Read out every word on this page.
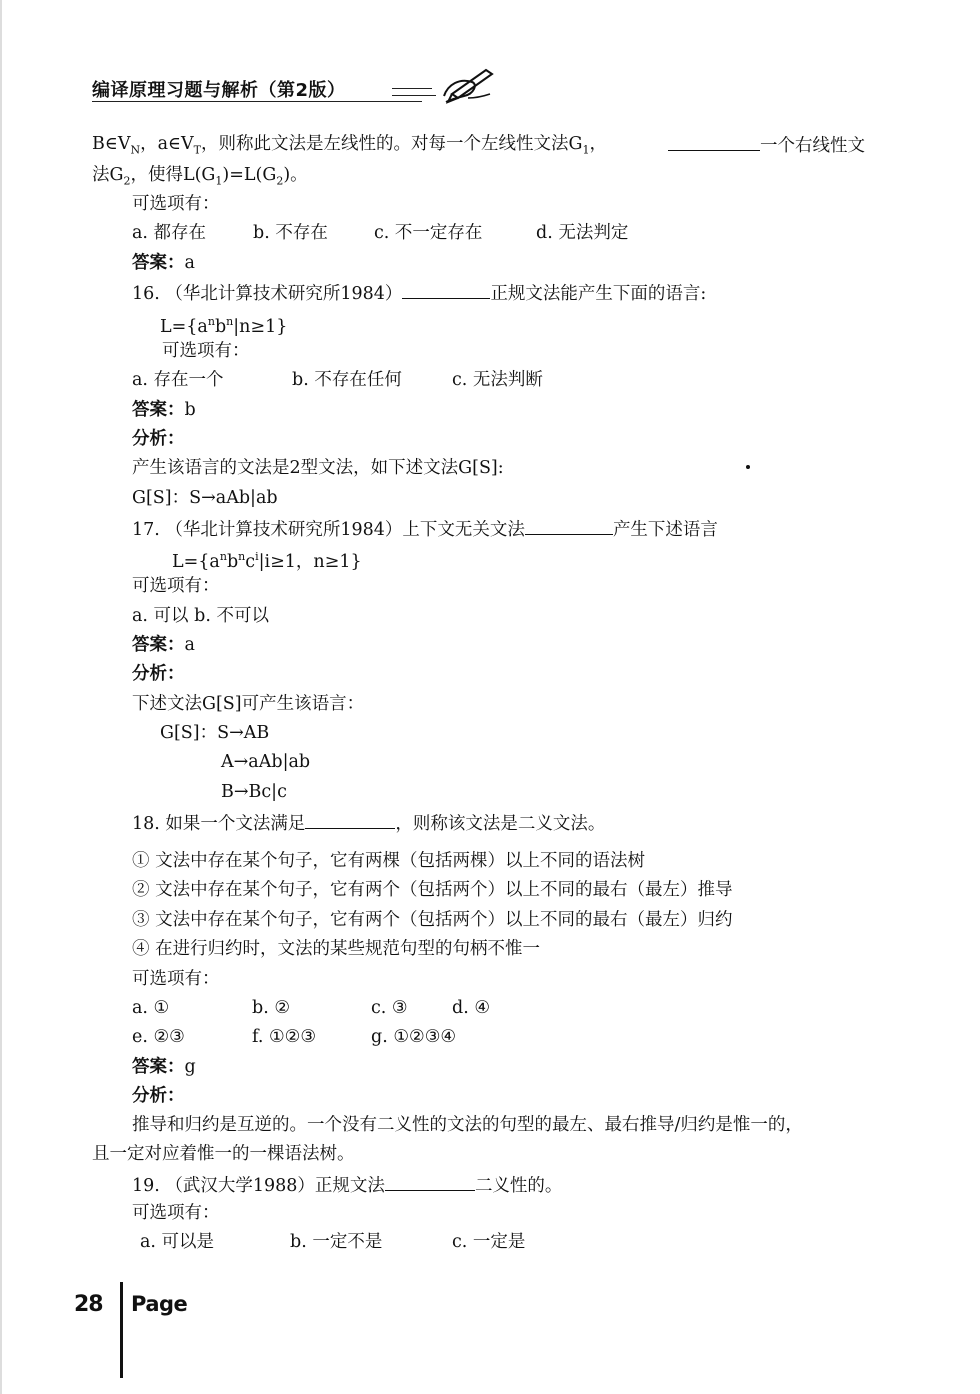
编译原理习题与解析（第2版）
$B\in V_N$，$a\in V_T$，则称此文法是左线性的。对每一个左线性文法$G_1$，	一个右线性文
法$G_2$，使得$L(G_1)=L(G_2)$。
可选项有：
a. 都存在	b. 不存在	c. 不一定存在	d. 无法判定
答案：a
16. （华北计算技术研究所1984）	正规文法能产生下面的语言:
$L=\{a^nb^n|n\ge 1\}$
可选项有：
a. 存在一个	b. 不存在任何	c. 无法判断
答案：b
分析：
产生该语言的文法是2型文法，如下述文法G[S]:
G[S]：S→aAb|ab
17. （华北计算技术研究所1984）上下文无关文法	产生下述语言
$L=\{a^nb^nc^i|i\ge 1$，n≥1}
可选项有：
a. 可以 b. 不可以
答案：a
分析：
下述文法G[S]可产生该语言：
G[S]：S→AB
A→aAb|ab
B→Bc|c
18. 如果一个文法满足	，则称该文法是二义文法。
① 文法中存在某个句子，它有两棵（包括两棵）以上不同的语法树
② 文法中存在某个句子，它有两个（包括两个）以上不同的最右（最左）推导
③ 文法中存在某个句子，它有两个（包括两个）以上不同的最右（最左）归约
④ 在进行归约时，文法的某些规范句型的句柄不惟一
可选项有：
a. ①	b. ②	c. ③	d. ④
e. ②③	f. ①②③	g. ①②③④
答案：g
分析：
推导和归约是互逆的。一个没有二义性的文法的句型的最左、最右推导/归约是惟一的，
且一定对应着惟一的一棵语法树。
19. （武汉大学1988）正规文法	二义性的。
可选项有：
a. 可以是	b. 一定不是	c. 一定是
28 Page
